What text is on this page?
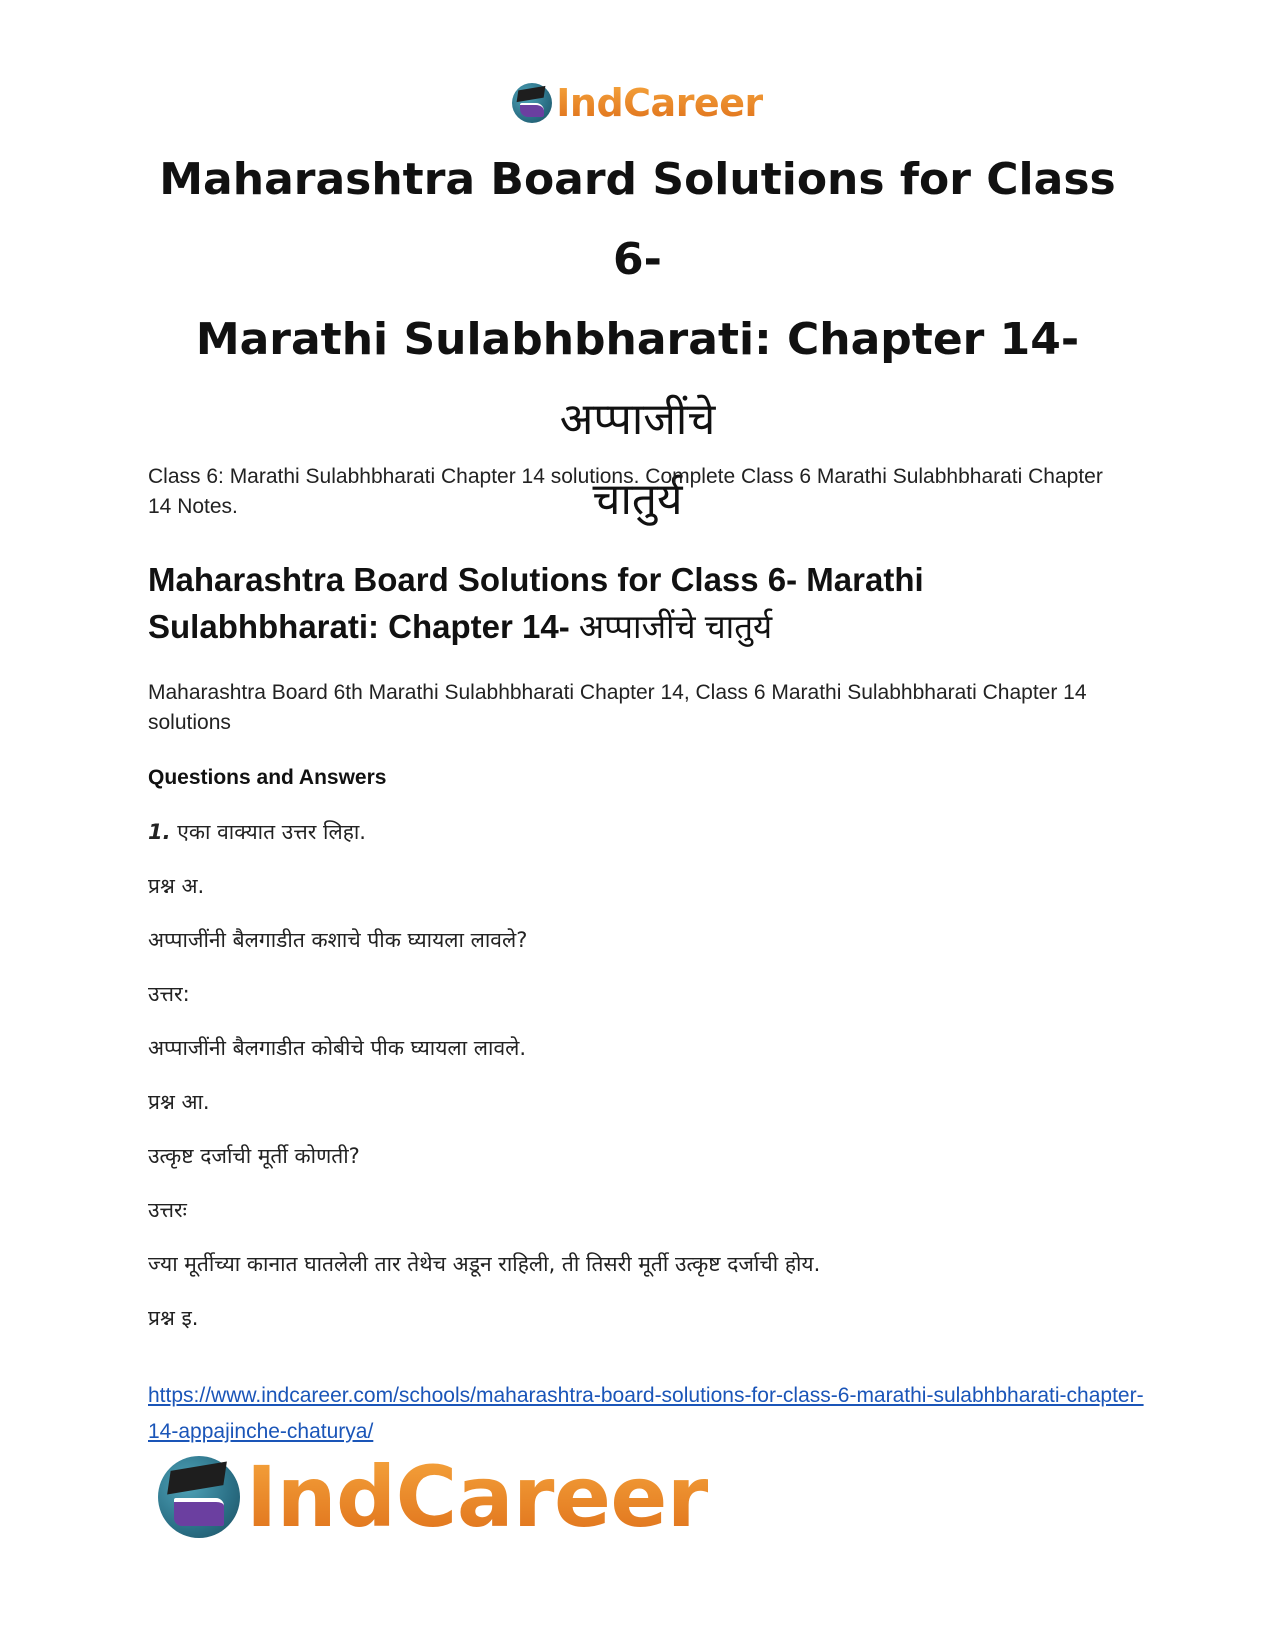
IndCareer
Maharashtra Board Solutions for Class 6-
Marathi Sulabhbharati: Chapter 14- अप्पाजींचे
चातुर्य

Class 6: Marathi Sulabhbharati Chapter 14 solutions. Complete Class 6 Marathi Sulabhbharati Chapter 14 Notes.

Maharashtra Board Solutions for Class 6- Marathi Sulabhbharati: Chapter 14- अप्पाजींचे चातुर्य

Maharashtra Board 6th Marathi Sulabhbharati Chapter 14, Class 6 Marathi Sulabhbharati Chapter 14 solutions

Questions and Answers

1. एका वाक्यात उत्तर लिहा.

प्रश्न अ.

अप्पाजींनी बैलगाडीत कशाचे पीक घ्यायला लावले?

उत्तर:

अप्पाजींनी बैलगाडीत कोबीचे पीक घ्यायला लावले.

प्रश्न आ.

उत्कृष्ट दर्जाची मूर्ती कोणती?

उत्तरः

ज्या मूर्तीच्या कानात घातलेली तार तेथेच अडून राहिली, ती तिसरी मूर्ती उत्कृष्ट दर्जाची होय.

प्रश्न इ.

https://www.indcareer.com/schools/maharashtra-board-solutions-for-class-6-marathi-sulabhbharati-chapter-14-appajinche-chaturya/
IndCareer
